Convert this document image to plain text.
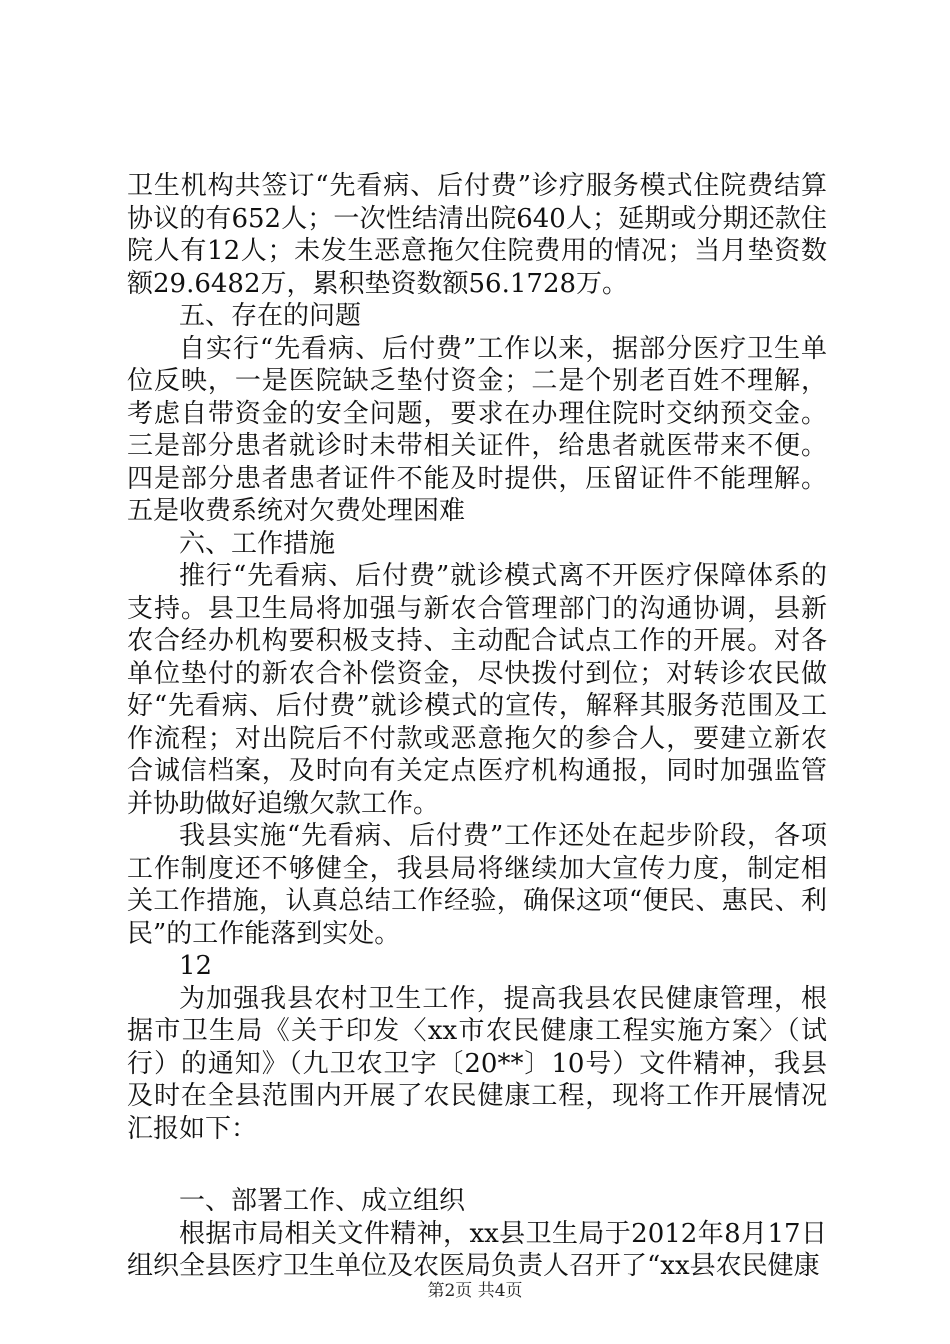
卫生机构共签订“先看病、后付费”诊疗服务模式住院费结算协议的有652人；一次性结清出院640人；延期或分期还款住院人有12人；未发生恶意拖欠住院费用的情况；当月垫资数额29.6482万，累积垫资数额56.1728万。

五、存在的问题

自实行“先看病、后付费”工作以来，据部分医疗卫生单位反映，一是医院缺乏垫付资金；二是个别老百姓不理解，考虑自带资金的安全问题，要求在办理住院时交纳预交金。三是部分患者就诊时未带相关证件，给患者就医带来不便。四是部分患者患者证件不能及时提供，压留证件不能理解。五是收费系统对欠费处理困难

六、工作措施

推行“先看病、后付费”就诊模式离不开医疗保障体系的支持。县卫生局将加强与新农合管理部门的沟通协调，县新农合经办机构要积极支持、主动配合试点工作的开展。对各单位垫付的新农合补偿资金，尽快拨付到位；对转诊农民做好“先看病、后付费”就诊模式的宣传，解释其服务范围及工作流程；对出院后不付款或恶意拖欠的参合人，要建立新农合诚信档案，及时向有关定点医疗机构通报，同时加强监管并协助做好追缴欠款工作。

我县实施“先看病、后付费”工作还处在起步阶段，各项工作制度还不够健全，我县局将继续加大宣传力度，制定相关工作措施，认真总结工作经验，确保这项“便民、惠民、利民”的工作能落到实处。

12

为加强我县农村卫生工作，提高我县农民健康管理，根据市卫生局《关于印发〈xx市农民健康工程实施方案〉（试行）的通知》（九卫农卫字〔20**〕10号）文件精神，我县及时在全县范围内开展了农民健康工程，现将工作开展情况汇报如下：

一、部署工作、成立组织

根据市局相关文件精神，xx县卫生局于2012年8月17日组织全县医疗卫生单位及农医局负责人召开了“xx县农民健康

第2页 共4页
